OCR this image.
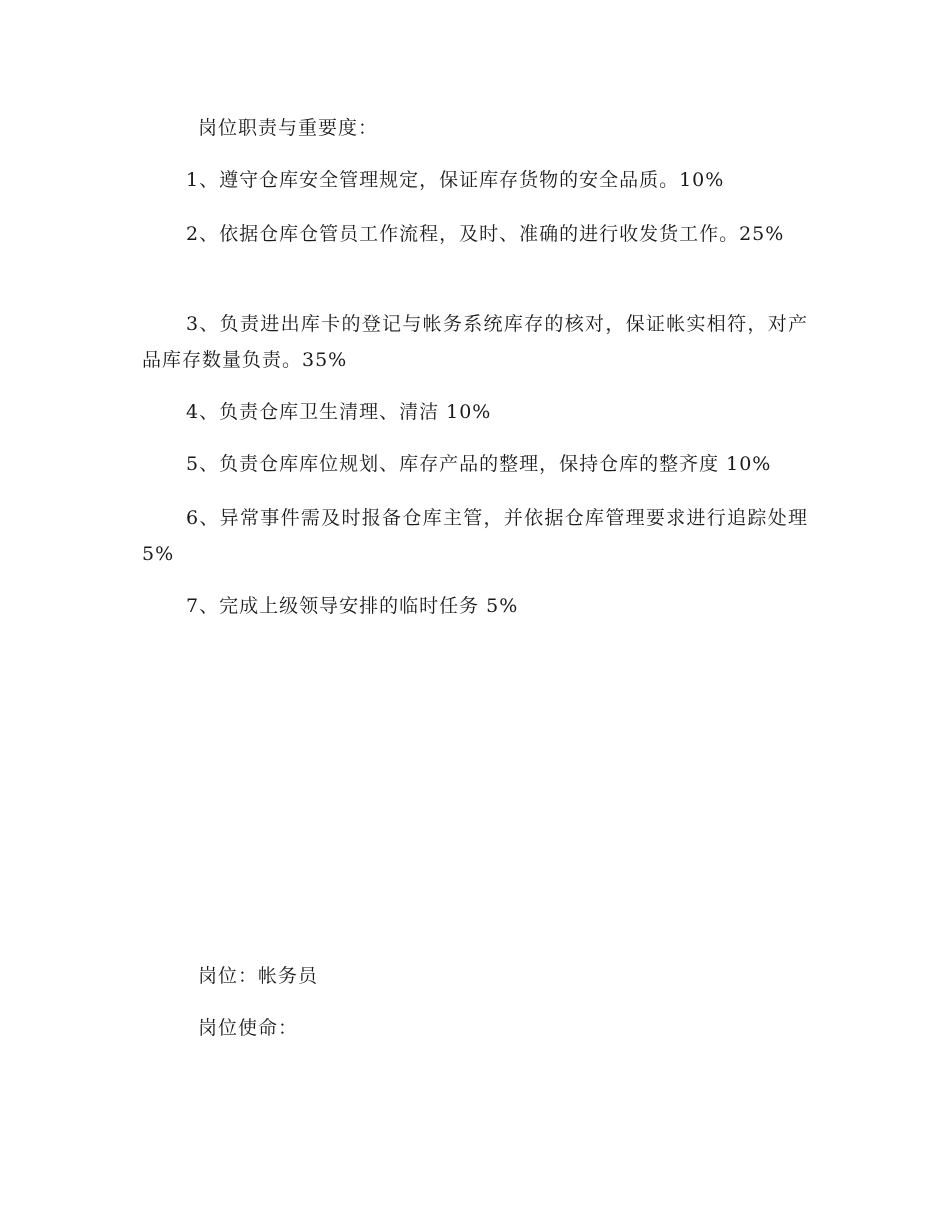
岗位职责与重要度：
1、遵守仓库安全管理规定，保证库存货物的安全品质。10%
2、依据仓库仓管员工作流程，及时、准确的进行收发货工作。25%
3、负责进出库卡的登记与帐务系统库存的核对，保证帐实相符，对产品库存数量负责。35%
4、负责仓库卫生清理、清洁 10%
5、负责仓库库位规划、库存产品的整理，保持仓库的整齐度 10%
6、异常事件需及时报备仓库主管，并依据仓库管理要求进行追踪处理 5%
7、完成上级领导安排的临时任务 5%
岗位：帐务员
岗位使命：
